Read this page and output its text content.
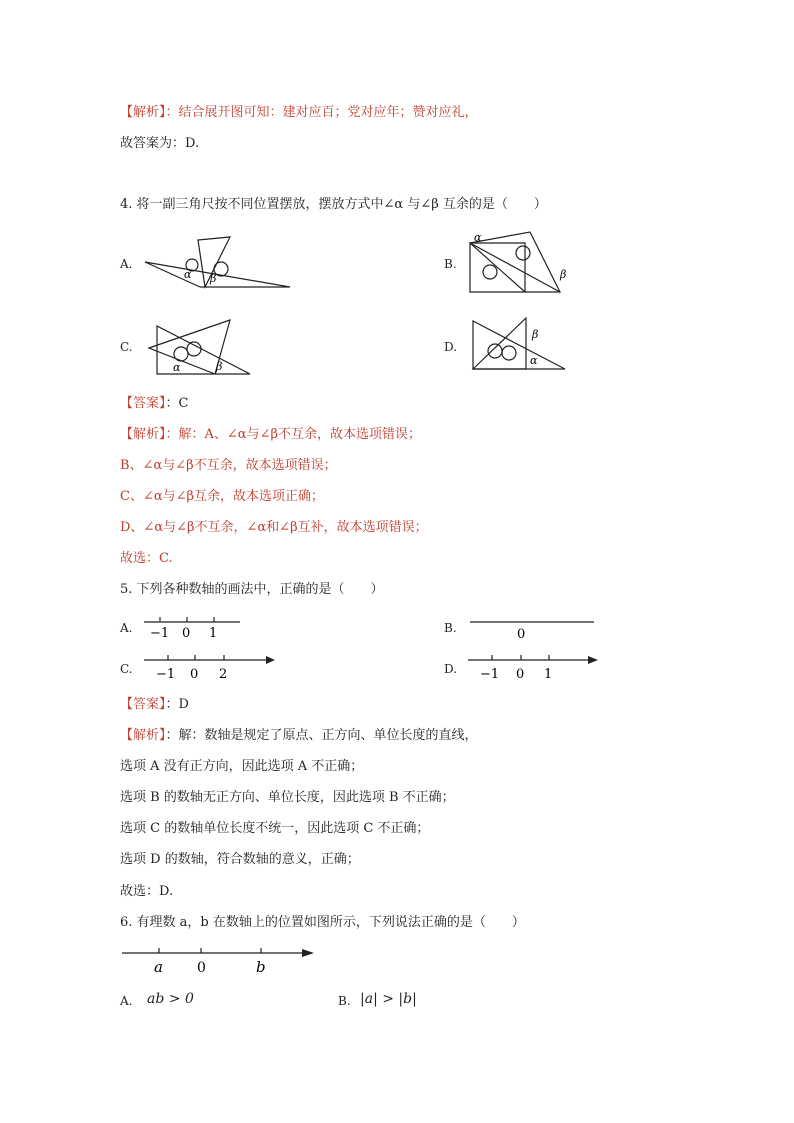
【解析】：结合展开图可知：建对应百；党对应年；赞对应礼，
故答案为：D.
4. 将一副三角尺按不同位置摆放，摆放方式中∠α 与∠β 互余的是（　　）
A.
α β
B.
α
β
C.
α	β
D.
α
β
【答案】：C
【解析】：解：A、∠α与∠β不互余，故本选项错误；
B、∠α与∠β不互余，故本选项错误；
C、∠α与∠β互余，故本选项正确；
D、∠α与∠β不互余，∠α和∠β互补，故本选项错误；
故选：C.
5. 下列各种数轴的画法中，正确的是（　　）
A. −1 0 1	B.	0
C. −1 0 2	D. −1 0 1
【答案】：D
【解析】：解：数轴是规定了原点、正方向、单位长度的直线，
选项 A 没有正方向，因此选项 A 不正确；
选项 B 的数轴无正方向、单位长度，因此选项 B 不正确；
选项 C 的数轴单位长度不统一，因此选项 C 不正确；
选项 D 的数轴，符合数轴的意义，正确；
故选：D.
6. 有理数 a，b 在数轴上的位置如图所示，下列说法正确的是（　　）
a 0	b
A. ab > 0	B. |a| > |b|
